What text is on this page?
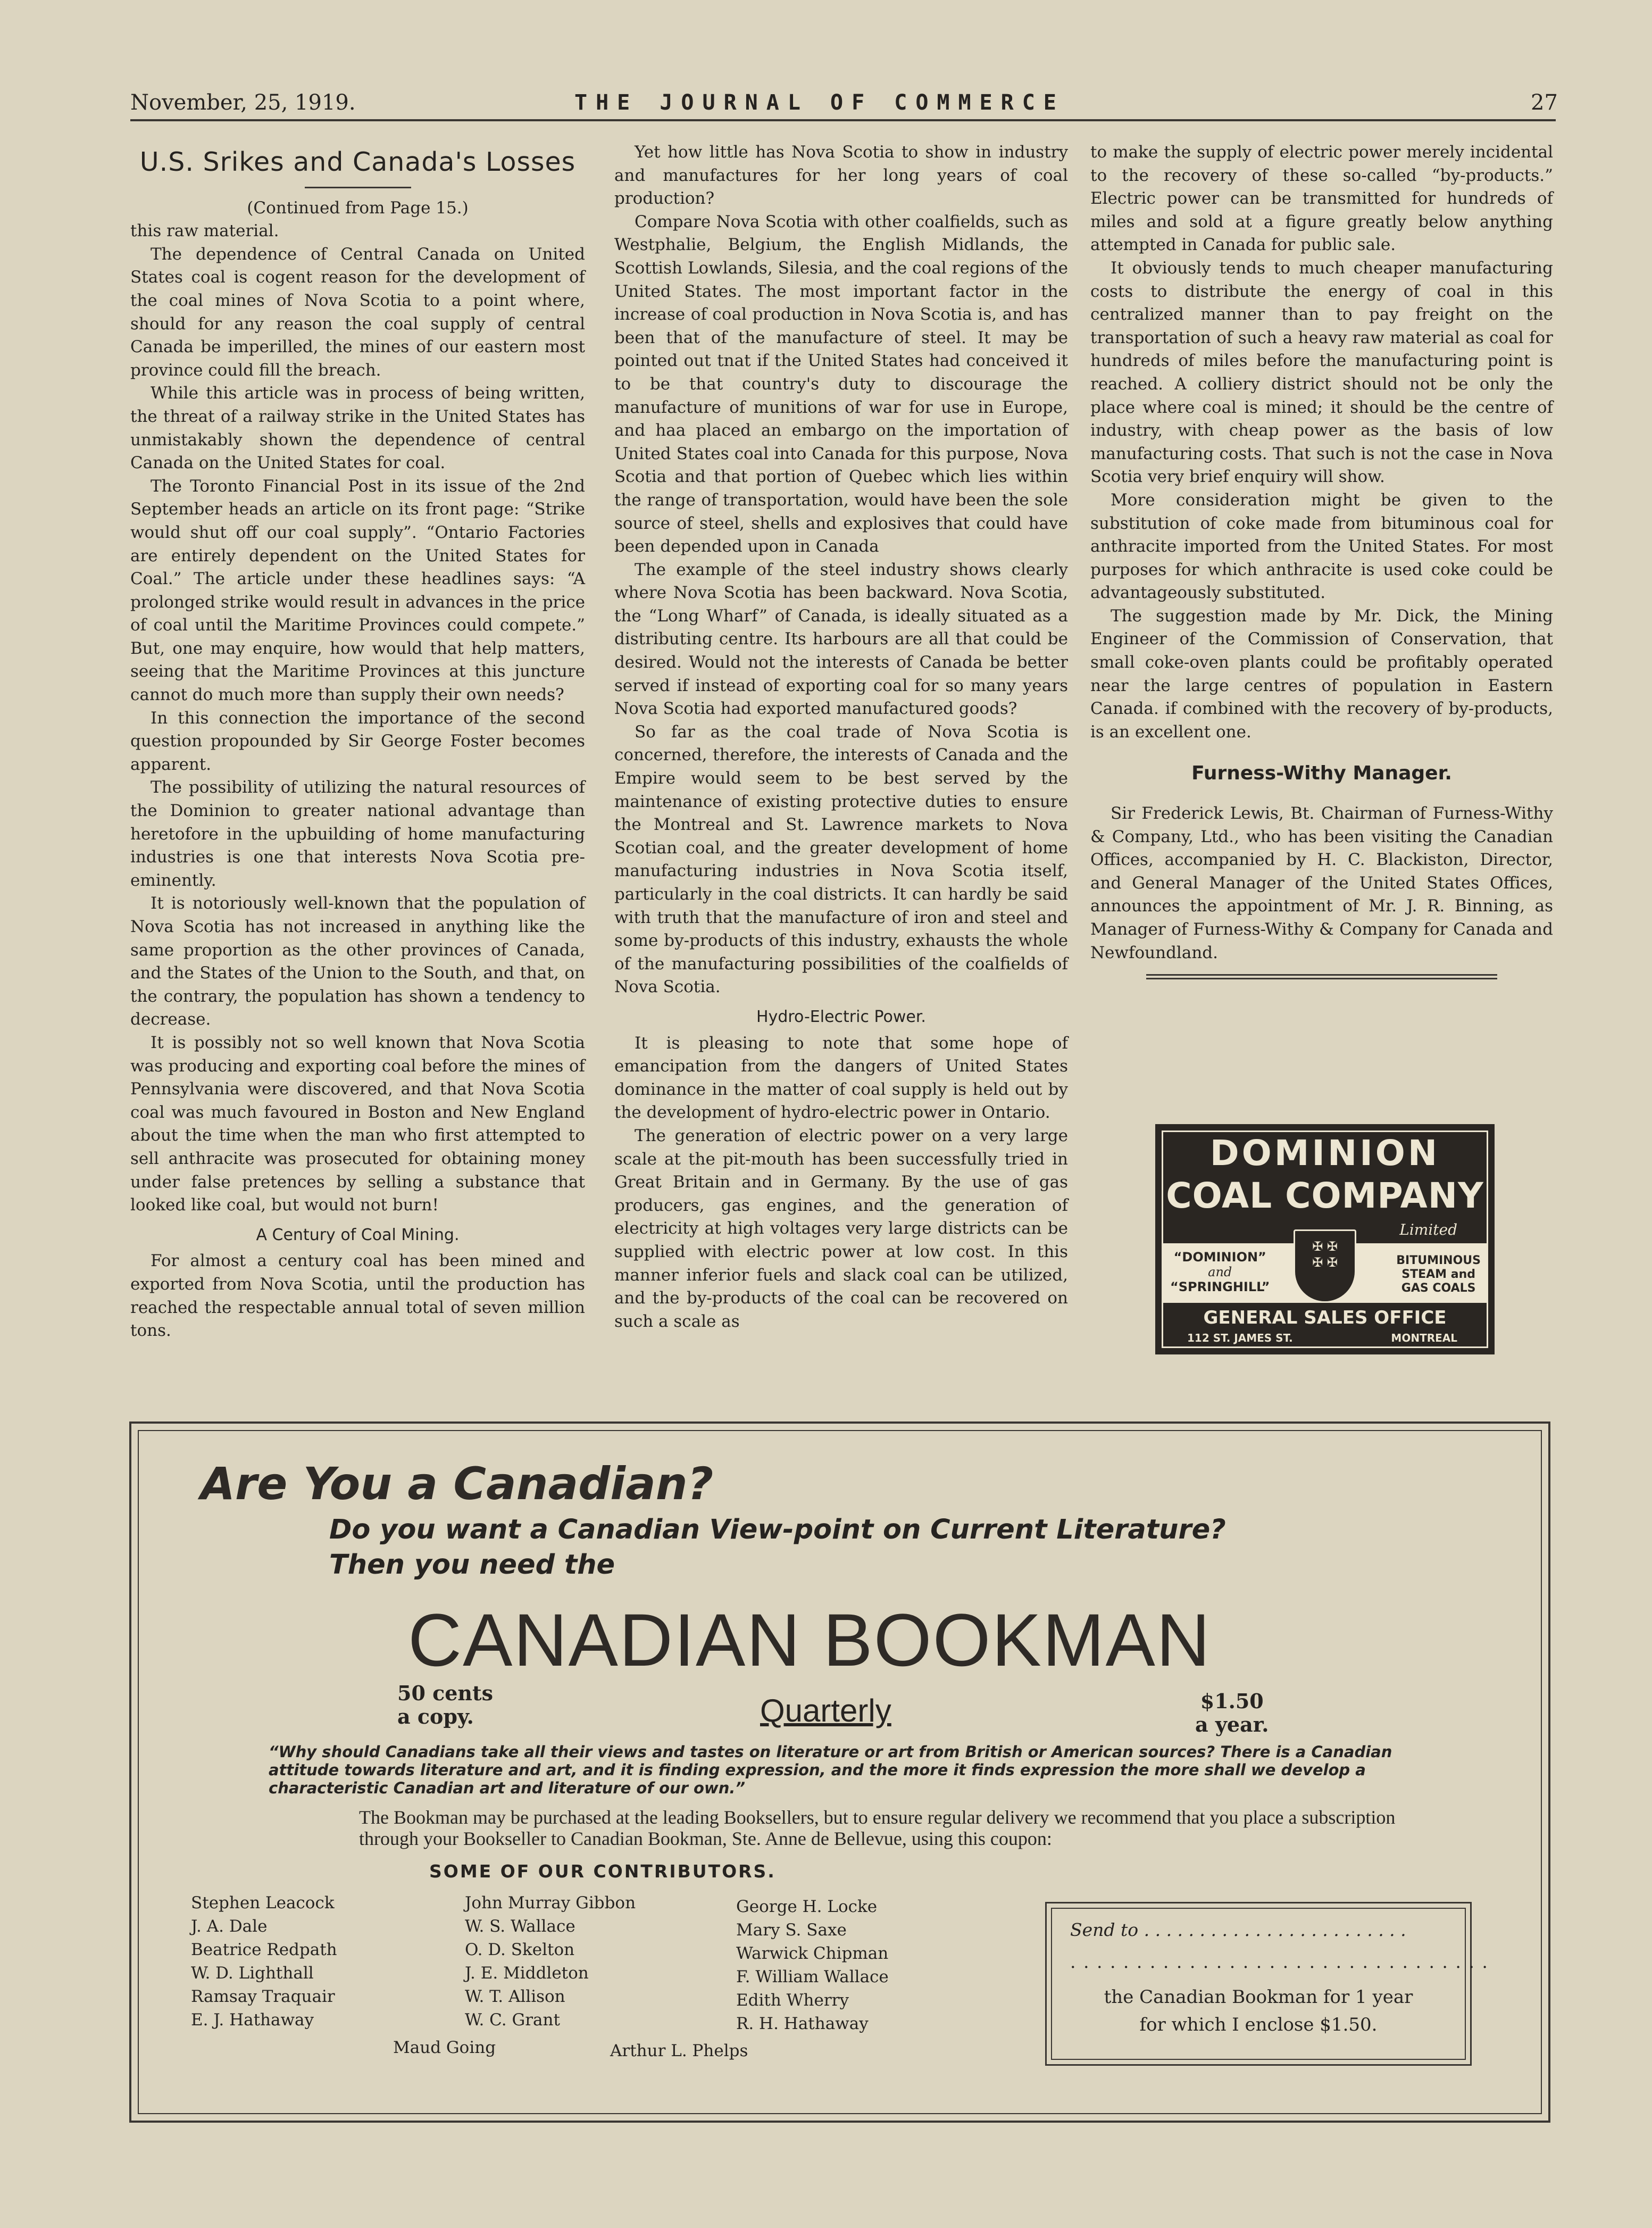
November, 25, 1919.	THE JOURNAL OF COMMERCE	27
U.S. Srikes and Canada's Losses

(Continued from Page 15.)

this raw material.

The dependence of Central Canada on United States coal is cogent reason for the development of the coal mines of Nova Scotia to a point where, should for any reason the coal supply of central Canada be imperilled, the mines of our eastern most province could fill the breach.

While this article was in process of being written, the threat of a railway strike in the United States has unmistakably shown the dependence of central Canada on the United States for coal.

The Toronto Financial Post in its issue of the 2nd September heads an article on its front page: “Strike would shut off our coal supply”. “Ontario Factories are entirely dependent on the United States for Coal.” The article under these headlines says: “A prolonged strike would result in advances in the price of coal until the Maritime Provinces could compete.” But, one may enquire, how would that help matters, seeing that the Maritime Provinces at this juncture cannot do much more than supply their own needs?

In this connection the importance of the second question propounded by Sir George Foster becomes apparent.

The possibility of utilizing the natural resources of the Dominion to greater national advantage than heretofore in the upbuilding of home manufacturing industries is one that interests Nova Scotia pre-eminently.

It is notoriously well-known that the population of Nova Scotia has not increased in anything like the same proportion as the other provinces of Canada, and the States of the Union to the South, and that, on the contrary, the population has shown a tendency to decrease.

It is possibly not so well known that Nova Scotia was producing and exporting coal before the mines of Pennsylvania were discovered, and that Nova Scotia coal was much favoured in Boston and New England about the time when the man who first attempted to sell anthracite was prosecuted for obtaining money under false pretences by selling a substance that looked like coal, but would not burn!

A Century of Coal Mining.

For almost a century coal has been mined and exported from Nova Scotia, until the production has reached the respectable annual total of seven million tons.

Yet how little has Nova Scotia to show in industry and manufactures for her long years of coal production?

Compare Nova Scotia with other coalfields, such as Westphalie, Belgium, the English Midlands, the Scottish Lowlands, Silesia, and the coal regions of the United States. The most important factor in the increase of coal production in Nova Scotia is, and has been that of the manufacture of steel. It may be pointed out tnat if the United States had conceived it to be that country's duty to discourage the manufacture of munitions of war for use in Europe, and haa placed an embargo on the importation of United States coal into Canada for this purpose, Nova Scotia and that portion of Quebec which lies within the range of transportation, would have been the sole source of steel, shells and explosives that could have been depended upon in Canada

The example of the steel industry shows clearly where Nova Scotia has been backward. Nova Scotia, the “Long Wharf” of Canada, is ideally situated as a distributing centre. Its harbours are all that could be desired. Would not the interests of Canada be better served if instead of exporting coal for so many years Nova Scotia had exported manufactured goods?

So far as the coal trade of Nova Scotia is concerned, therefore, the interests of Canada and the Empire would seem to be best served by the maintenance of existing protective duties to ensure the Montreal and St. Lawrence markets to Nova Scotian coal, and the greater development of home manufacturing industries in Nova Scotia itself, particularly in the coal districts. It can hardly be said with truth that the manufacture of iron and steel and some by-products of this industry, exhausts the whole of the manufacturing possibilities of the coalfields of Nova Scotia.

Hydro-Electric Power.

It is pleasing to note that some hope of emancipation from the dangers of United States dominance in the matter of coal supply is held out by the development of hydro-electric power in Ontario.

The generation of electric power on a very large scale at the pit-mouth has been successfully tried in Great Britain and in Germany. By the use of gas producers, gas engines, and the generation of electricity at high voltages very large districts can be supplied with electric power at low cost. In this manner inferior fuels and slack coal can be utilized, and the by-products of the coal can be recovered on such a scale as

to make the supply of electric power merely incidental to the recovery of these so-called “by-products.” Electric power can be transmitted for hundreds of miles and sold at a figure greatly below anything attempted in Canada for public sale.

It obviously tends to much cheaper manufacturing costs to distribute the energy of coal in this centralized manner than to pay freight on the transportation of such a heavy raw material as coal for hundreds of miles before the manufacturing point is reached. A colliery district should not be only the place where coal is mined; it should be the centre of industry, with cheap power as the basis of low manufacturing costs. That such is not the case in Nova Scotia very brief enquiry will show.

More consideration might be given to the substitution of coke made from bituminous coal for anthracite imported from the United States. For most purposes for which anthracite is used coke could be advantageously substituted.

The suggestion made by Mr. Dick, the Mining Engineer of the Commission of Conservation, that small coke-oven plants could be profitably operated near the large centres of population in Eastern Canada. if combined with the recovery of by-products, is an excellent one.

Furness-Withy Manager.

Sir Frederick Lewis, Bt. Chairman of Furness-Withy & Company, Ltd., who has been visiting the Canadian Offices, accompanied by H. C. Blackiston, Director, and General Manager of the United States Offices, announces the appointment of Mr. J. R. Binning, as Manager of Furness-Withy & Company for Canada and Newfoundland.

DOMINION
COAL COMPANY
Limited
“DOMINION”
and
“SPRINGHILL”
✠ ✠
✠ ✠	BITUMINOUS
STEAM and
GAS COALS
GENERAL SALES OFFICE
112 ST. JAMES ST.	MONTREAL
Are You a Canadian?
Do you want a Canadian View-point on Current Literature?
Then you need the
CANADIAN BOOKMAN
50 cents
a copy.	Quarterly	$1.50
a year.
“Why should Canadians take all their views and tastes on literature or art from British or American sources? There is a Canadian attitude towards literature and art, and it is finding expression, and the more it finds expression the more shall we develop a characteristic Canadian art and literature of our own.”
The Bookman may be purchased at the leading Booksellers, but to ensure regular delivery we recommend that you place a subscription through your Bookseller to Canadian Bookman, Ste. Anne de Bellevue, using this coupon:
SOME OF OUR CONTRIBUTORS.
Stephen Leacock
J. A. Dale
Beatrice Redpath
W. D. Lighthall
Ramsay Traquair
E. J. Hathaway
John Murray Gibbon
W. S. Wallace
O. D. Skelton
J. E. Middleton
W. T. Allison
W. C. Grant
George H. Locke
Mary S. Saxe
Warwick Chipman
F. William Wallace
Edith Wherry
R. H. Hathaway
Maud Going	Arthur L. Phelps
Send to . . . . . . . . . . . . . . . . . . . . . . . .
. . . . . . . . . . . . . . . . . . . . . . . . . . . . . . . .
the Canadian Bookman for 1 year
for which I enclose $1.50.
